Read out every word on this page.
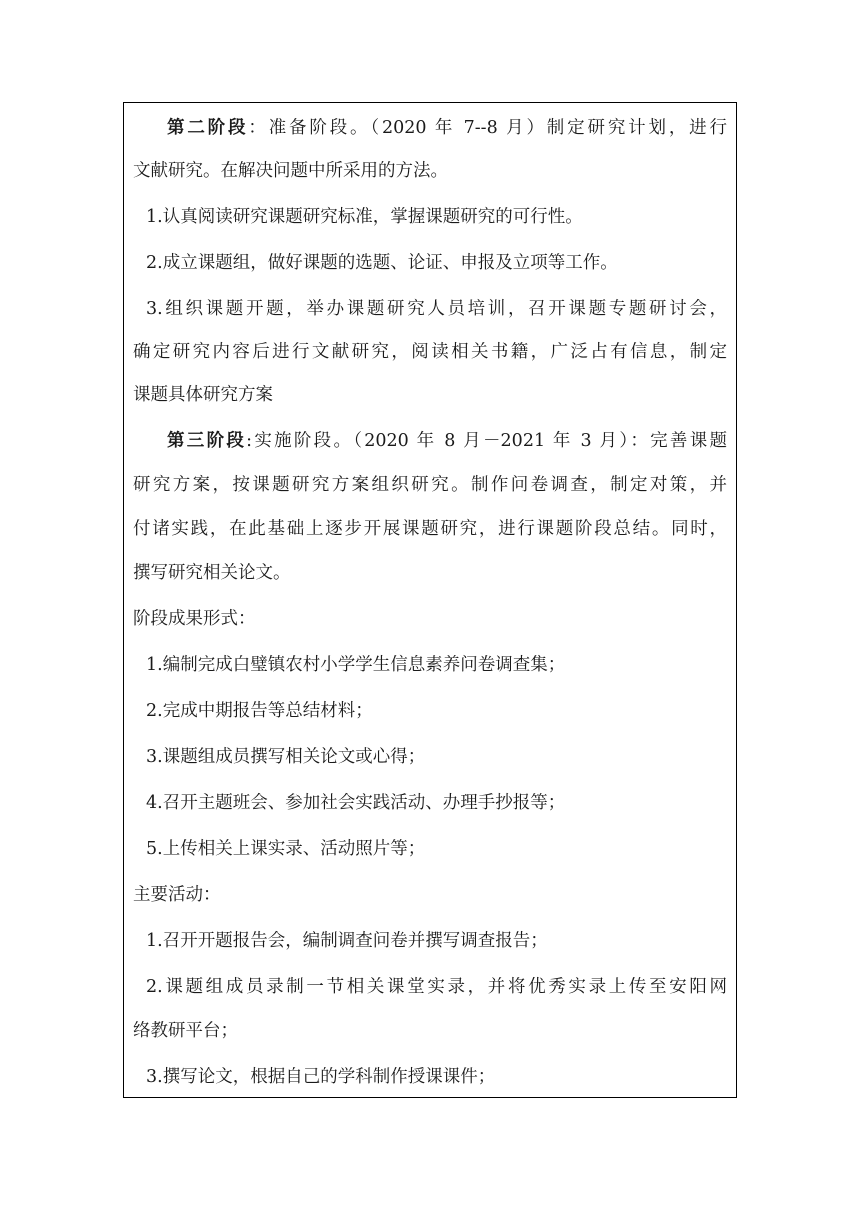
第二阶段：准备阶段。（2020 年 7--8 月）制定研究计划，进行
文献研究。在解决问题中所采用的方法。
1.认真阅读研究课题研究标准，掌握课题研究的可行性。
2.成立课题组，做好课题的选题、论证、申报及立项等工作。
3.组织课题开题，举办课题研究人员培训，召开课题专题研讨会，
确定研究内容后进行文献研究，阅读相关书籍，广泛占有信息，制定
课题具体研究方案
第三阶段:实施阶段。（2020 年 8 月－2021 年 3 月）：完善课题
研究方案，按课题研究方案组织研究。制作问卷调查，制定对策，并
付诸实践，在此基础上逐步开展课题研究，进行课题阶段总结。同时，
撰写研究相关论文。
阶段成果形式：
1.编制完成白璧镇农村小学学生信息素养问卷调查集；
2.完成中期报告等总结材料；
3.课题组成员撰写相关论文或心得；
4.召开主题班会、参加社会实践活动、办理手抄报等；
5.上传相关上课实录、活动照片等；
主要活动：
1.召开开题报告会，编制调查问卷并撰写调查报告；
2.课题组成员录制一节相关课堂实录，并将优秀实录上传至安阳网
络教研平台；
3.撰写论文，根据自己的学科制作授课课件；
